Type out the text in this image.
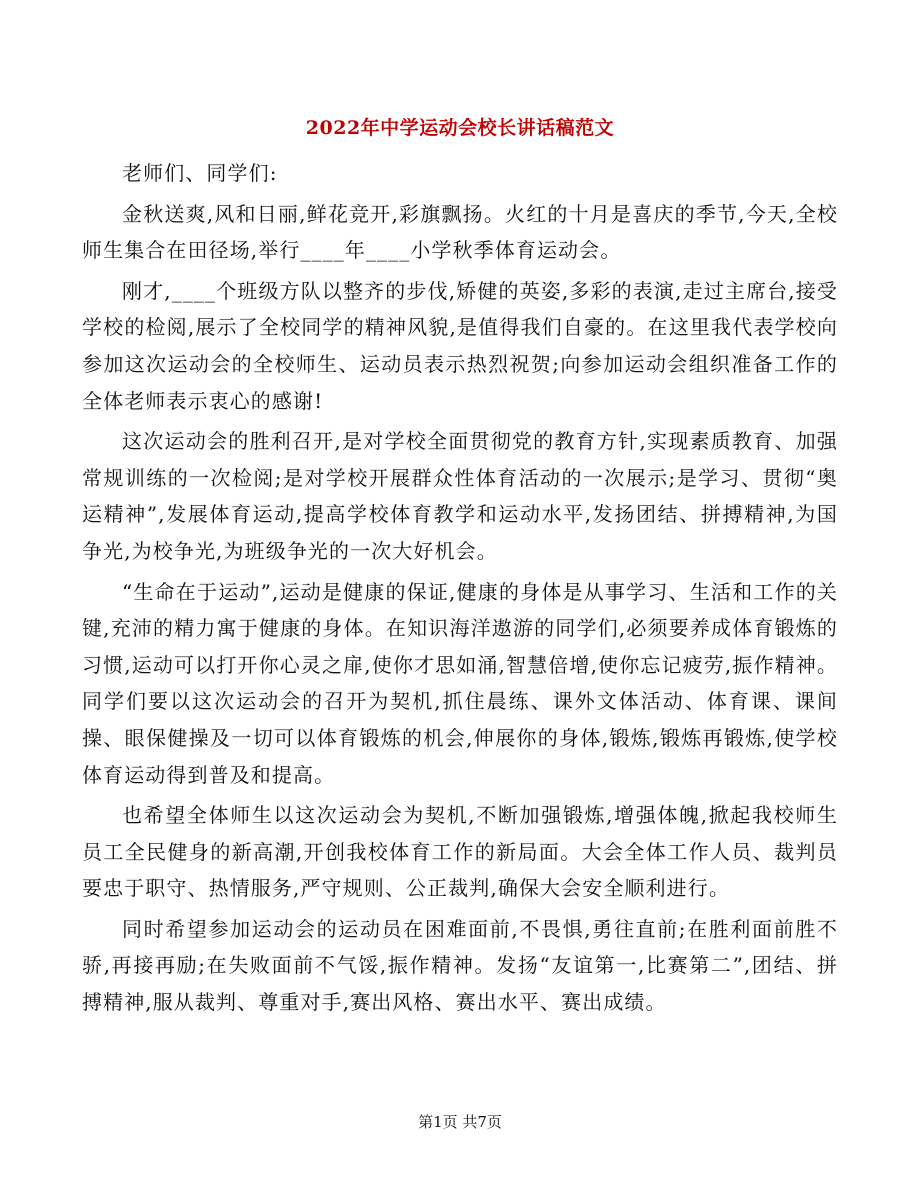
2022年中学运动会校长讲话稿范文

老师们、同学们:

金秋送爽,风和日丽,鲜花竞开,彩旗飘扬。火红的十月是喜庆的季节,今天,全校师生集合在田径场,举行____年____小学秋季体育运动会。

刚才,____个班级方队以整齐的步伐,矫健的英姿,多彩的表演,走过主席台,接受学校的检阅,展示了全校同学的精神风貌,是值得我们自豪的。在这里我代表学校向参加这次运动会的全校师生、运动员表示热烈祝贺;向参加运动会组织准备工作的全体老师表示衷心的感谢!

这次运动会的胜利召开,是对学校全面贯彻党的教育方针,实现素质教育、加强常规训练的一次检阅;是对学校开展群众性体育活动的一次展示;是学习、贯彻“奥运精神”,发展体育运动,提高学校体育教学和运动水平,发扬团结、拼搏精神,为国争光,为校争光,为班级争光的一次大好机会。

“生命在于运动”,运动是健康的保证,健康的身体是从事学习、生活和工作的关键,充沛的精力寓于健康的身体。在知识海洋遨游的同学们,必须要养成体育锻炼的习惯,运动可以打开你心灵之扉,使你才思如涌,智慧倍增,使你忘记疲劳,振作精神。同学们要以这次运动会的召开为契机,抓住晨练、课外文体活动、体育课、课间操、眼保健操及一切可以体育锻炼的机会,伸展你的身体,锻炼,锻炼再锻炼,使学校体育运动得到普及和提高。

也希望全体师生以这次运动会为契机,不断加强锻炼,增强体魄,掀起我校师生员工全民健身的新高潮,开创我校体育工作的新局面。大会全体工作人员、裁判员要忠于职守、热情服务,严守规则、公正裁判,确保大会安全顺利进行。

同时希望参加运动会的运动员在困难面前,不畏惧,勇往直前;在胜利面前胜不骄,再接再励;在失败面前不气馁,振作精神。发扬“友谊第一,比赛第二”,团结、拼搏精神,服从裁判、尊重对手,赛出风格、赛出水平、赛出成绩。

第1页 共7页
